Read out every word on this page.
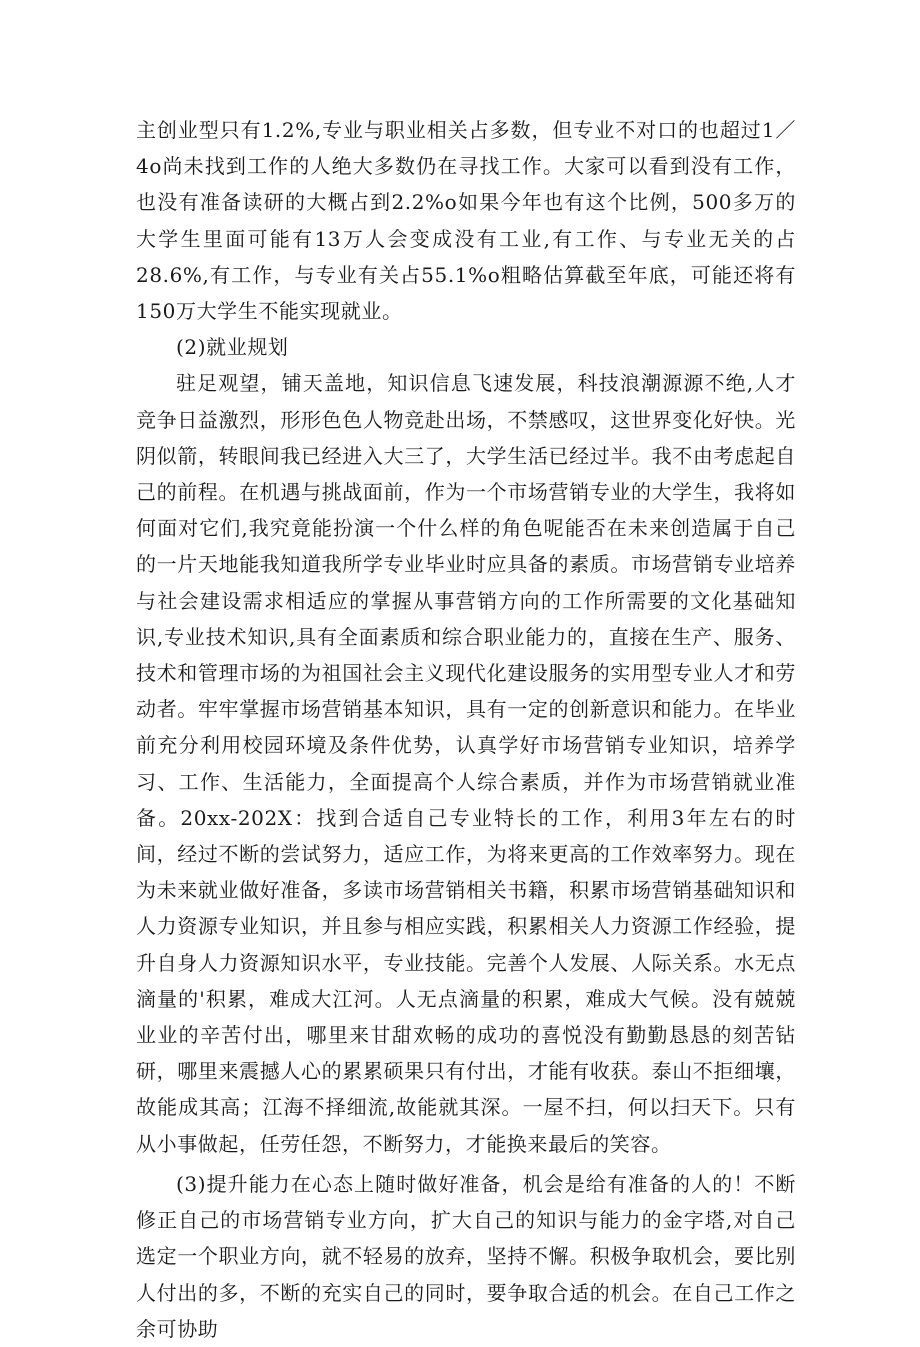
主创业型只有1.2%,专业与职业相关占多数，但专业不对口的也超过1／4o尚未找到工作的人绝大多数仍在寻找工作。大家可以看到没有工作，也没有准备读研的大概占到2.2%o如果今年也有这个比例，500多万的大学生里面可能有13万人会变成没有工业,有工作、与专业无关的占28.6%,有工作，与专业有关占55.1%o粗略估算截至年底，可能还将有150万大学生不能实现就业。

(2)就业规划

驻足观望，铺天盖地，知识信息飞速发展，科技浪潮源源不绝,人才竞争日益激烈，形形色色人物竞赴出场，不禁感叹，这世界变化好快。光阴似箭，转眼间我已经进入大三了，大学生活已经过半。我不由考虑起自己的前程。在机遇与挑战面前，作为一个市场营销专业的大学生，我将如何面对它们,我究竟能扮演一个什么样的角色呢能否在未来创造属于自己的一片天地能我知道我所学专业毕业时应具备的素质。市场营销专业培养与社会建设需求相适应的掌握从事营销方向的工作所需要的文化基础知识,专业技术知识,具有全面素质和综合职业能力的，直接在生产、服务、技术和管理市场的为祖国社会主义现代化建设服务的实用型专业人才和劳动者。牢牢掌握市场营销基本知识，具有一定的创新意识和能力。在毕业前充分利用校园环境及条件优势，认真学好市场营销专业知识，培养学习、工作、生活能力，全面提高个人综合素质，并作为市场营销就业准备。20xx-202X：找到合适自己专业特长的工作，利用3年左右的时间，经过不断的尝试努力，适应工作，为将来更高的工作效率努力。现在为未来就业做好准备，多读市场营销相关书籍，积累市场营销基础知识和人力资源专业知识，并且参与相应实践，积累相关人力资源工作经验，提升自身人力资源知识水平，专业技能。完善个人发展、人际关系。水无点滴量的'积累，难成大江河。人无点滴量的积累，难成大气候。没有兢兢业业的辛苦付出，哪里来甘甜欢畅的成功的喜悦没有勤勤恳恳的刻苦钻研，哪里来震撼人心的累累硕果只有付出，才能有收获。泰山不拒细壤，故能成其高；江海不择细流,故能就其深。一屋不扫，何以扫天下。只有从小事做起，任劳任怨，不断努力，才能换来最后的笑容。

(3)提升能力在心态上随时做好准备，机会是给有准备的人的！不断修正自己的市场营销专业方向，扩大自己的知识与能力的金字塔,对自己选定一个职业方向，就不轻易的放弃，坚持不懈。积极争取机会，要比别人付出的多，不断的充实自己的同时，要争取合适的机会。在自己工作之余可协助
